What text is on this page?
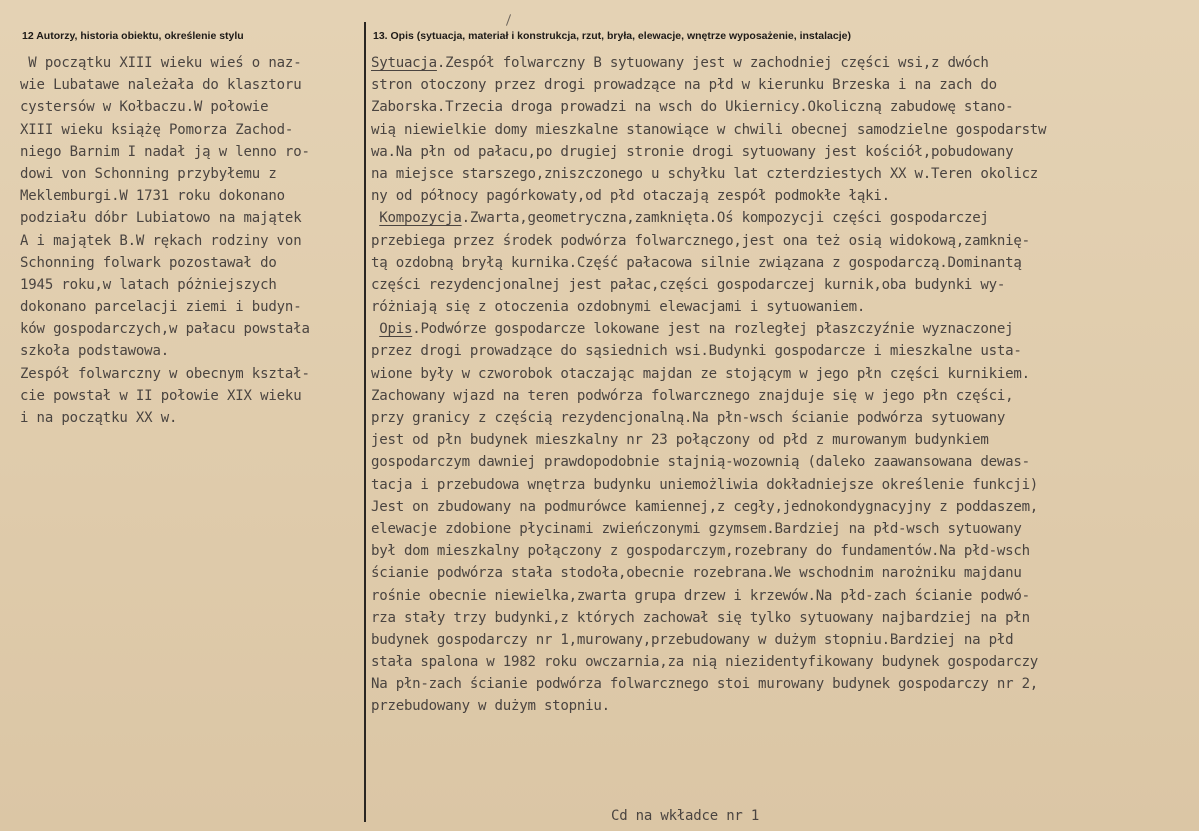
12 Autorzy, historia obiektu, określenie stylu	13. Opis (sytuacja, materiał i konstrukcja, rzut, bryła, elewacje, wnętrze wyposażenie, instalacje)
W początku XIII wieku wieś o naz-
wie Lubatawe należała do klasztoru
cystersów w Kołbaczu.W połowie
XIII wieku książę Pomorza Zachod-
niego Barnim I nadał ją w lenno ro-
dowi von Schonning przybyłemu z
Meklemburgi.W 1731 roku dokonano
podziału dóbr Lubiatowo na majątek
A i majątek B.W rękach rodziny von
Schonning folwark pozostawał do
1945 roku,w latach póżniejszych
dokonano parcelacji ziemi i budyn-
ków gospodarczych,w pałacu powstała
szkoła podstawowa.
Zespół folwarczny w obecnym kształ-
cie powstał w II połowie XIX wieku
i na początku XX w.
Sytuacja.Zespół folwarczny B sytuowany jest w zachodniej części wsi,z dwóch
stron otoczony przez drogi prowadzące na płd w kierunku Brzeska i na zach do
Zaborska.Trzecia droga prowadzi na wsch do Ukiernicy.Okoliczną zabudowę stano-
wią niewielkie domy mieszkalne stanowiące w chwili obecnej samodzielne gospodarstw
wa.Na płn od pałacu,po drugiej stronie drogi sytuowany jest kościół,pobudowany
na miejsce starszego,zniszczonego u schyłku lat czterdziestych XX w.Teren okolicz
ny od północy pagórkowaty,od płd otaczają zespół podmokłe łąki.
Kompozycja.Zwarta,geometryczna,zamknięta.Oś kompozycji części gospodarczej
przebiega przez środek podwórza folwarcznego,jest ona też osią widokową,zamknię-
tą ozdobną bryłą kurnika.Część pałacowa silnie związana z gospodarczą.Dominantą
części rezydencjonalnej jest pałac,części gospodarczej kurnik,oba budynki wy-
różniają się z otoczenia ozdobnymi elewacjami i sytuowaniem.
Opis.Podwórze gospodarcze lokowane jest na rozległej płaszczyźnie wyznaczonej
przez drogi prowadzące do sąsiednich wsi.Budynki gospodarcze i mieszkalne usta-
wione były w czworobok otaczając majdan ze stojącym w jego płn części kurnikiem.
Zachowany wjazd na teren podwórza folwarcznego znajduje się w jego płn części,
przy granicy z częścią rezydencjonalną.Na płn-wsch ścianie podwórza sytuowany
jest od płn budynek mieszkalny nr 23 połączony od płd z murowanym budynkiem
gospodarczym dawniej prawdopodobnie stajnią-wozownią (daleko zaawansowana dewas-
tacja i przebudowa wnętrza budynku uniemożliwia dokładniejsze określenie funkcji)
Jest on zbudowany na podmurówce kamiennej,z cegły,jednokondygnacyjny z poddaszem,
elewacje zdobione płycinami zwieńczonymi gzymsem.Bardziej na płd-wsch sytuowany
był dom mieszkalny połączony z gospodarczym,rozebrany do fundamentów.Na płd-wsch
ścianie podwórza stała stodoła,obecnie rozebrana.We wschodnim narożniku majdanu
rośnie obecnie niewielka,zwarta grupa drzew i krzewów.Na płd-zach ścianie podwó-
rza stały trzy budynki,z których zachował się tylko sytuowany najbardziej na płn
budynek gospodarczy nr 1,murowany,przebudowany w dużym stopniu.Bardziej na płd
stała spalona w 1982 roku owczarnia,za nią niezidentyfikowany budynek gospodarczy
Na płn-zach ścianie podwórza folwarcznego stoi murowany budynek gospodarczy nr 2,
przebudowany w dużym stopniu.
Cd na wkładce nr 1
